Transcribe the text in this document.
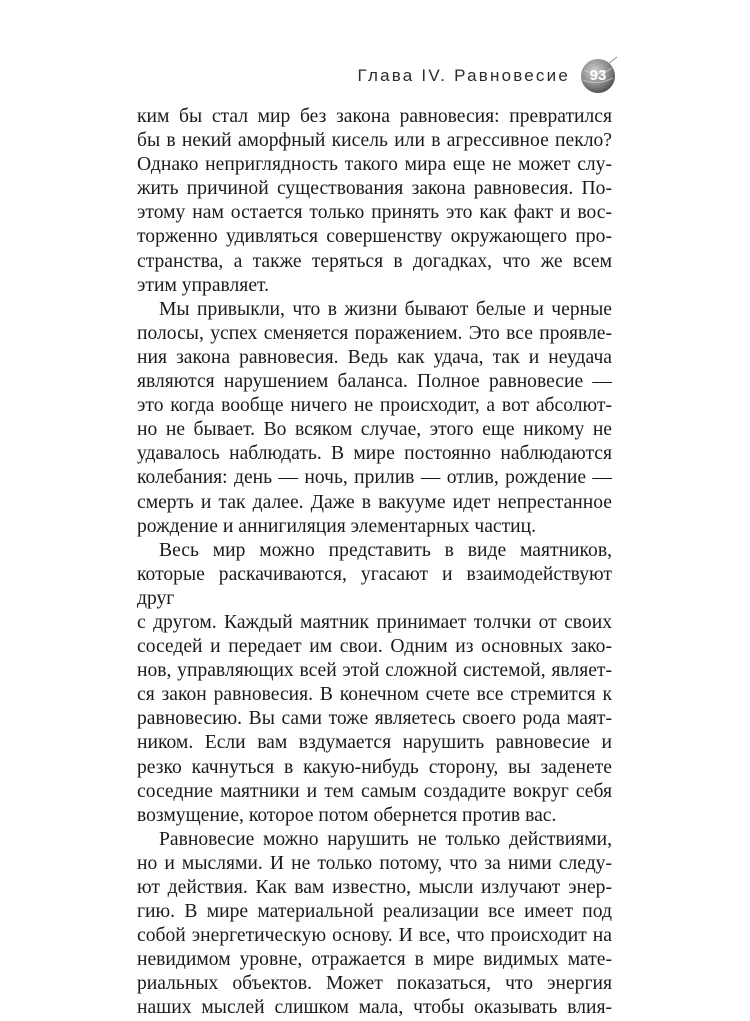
Глава IV. Равновесие	93

ким бы стал мир без закона равновесия: превратился
бы в некий аморфный кисель или в агрессивное пекло?
Однако неприглядность такого мира еще не может слу-
жить причиной существования закона равновесия. По-
этому нам остается только принять это как факт и вос-
торженно удивляться совершенству окружающего про-
странства, а также теряться в догадках, что же всем
этим управляет.

Мы привыкли, что в жизни бывают белые и черные
полосы, успех сменяется поражением. Это все проявле-
ния закона равновесия. Ведь как удача, так и неудача
являются нарушением баланса. Полное равновесие —
это когда вообще ничего не происходит, а вот абсолют-
но не бывает. Во всяком случае, этого еще никому не
удавалось наблюдать. В мире постоянно наблюдаются
колебания: день — ночь, прилив — отлив, рождение —
смерть и так далее. Даже в вакууме идет непрестанное
рождение и аннигиляция элементарных частиц.

Весь мир можно представить в виде маятников,
которые раскачиваются, угасают и взаимодействуют друг
с другом. Каждый маятник принимает толчки от своих
соседей и передает им свои. Одним из основных зако-
нов, управляющих всей этой сложной системой, являет-
ся закон равновесия. В конечном счете все стремится к
равновесию. Вы сами тоже являетесь своего рода маят-
ником. Если вам вздумается нарушить равновесие и
резко качнуться в какую-нибудь сторону, вы заденете
соседние маятники и тем самым создадите вокруг себя
возмущение, которое потом обернется против вас.

Равновесие можно нарушить не только действиями,
но и мыслями. И не только потому, что за ними следу-
ют действия. Как вам известно, мысли излучают энер-
гию. В мире материальной реализации все имеет под
собой энергетическую основу. И все, что происходит на
невидимом уровне, отражается в мире видимых мате-
риальных объектов. Может показаться, что энергия
наших мыслей слишком мала, чтобы оказывать влия-
